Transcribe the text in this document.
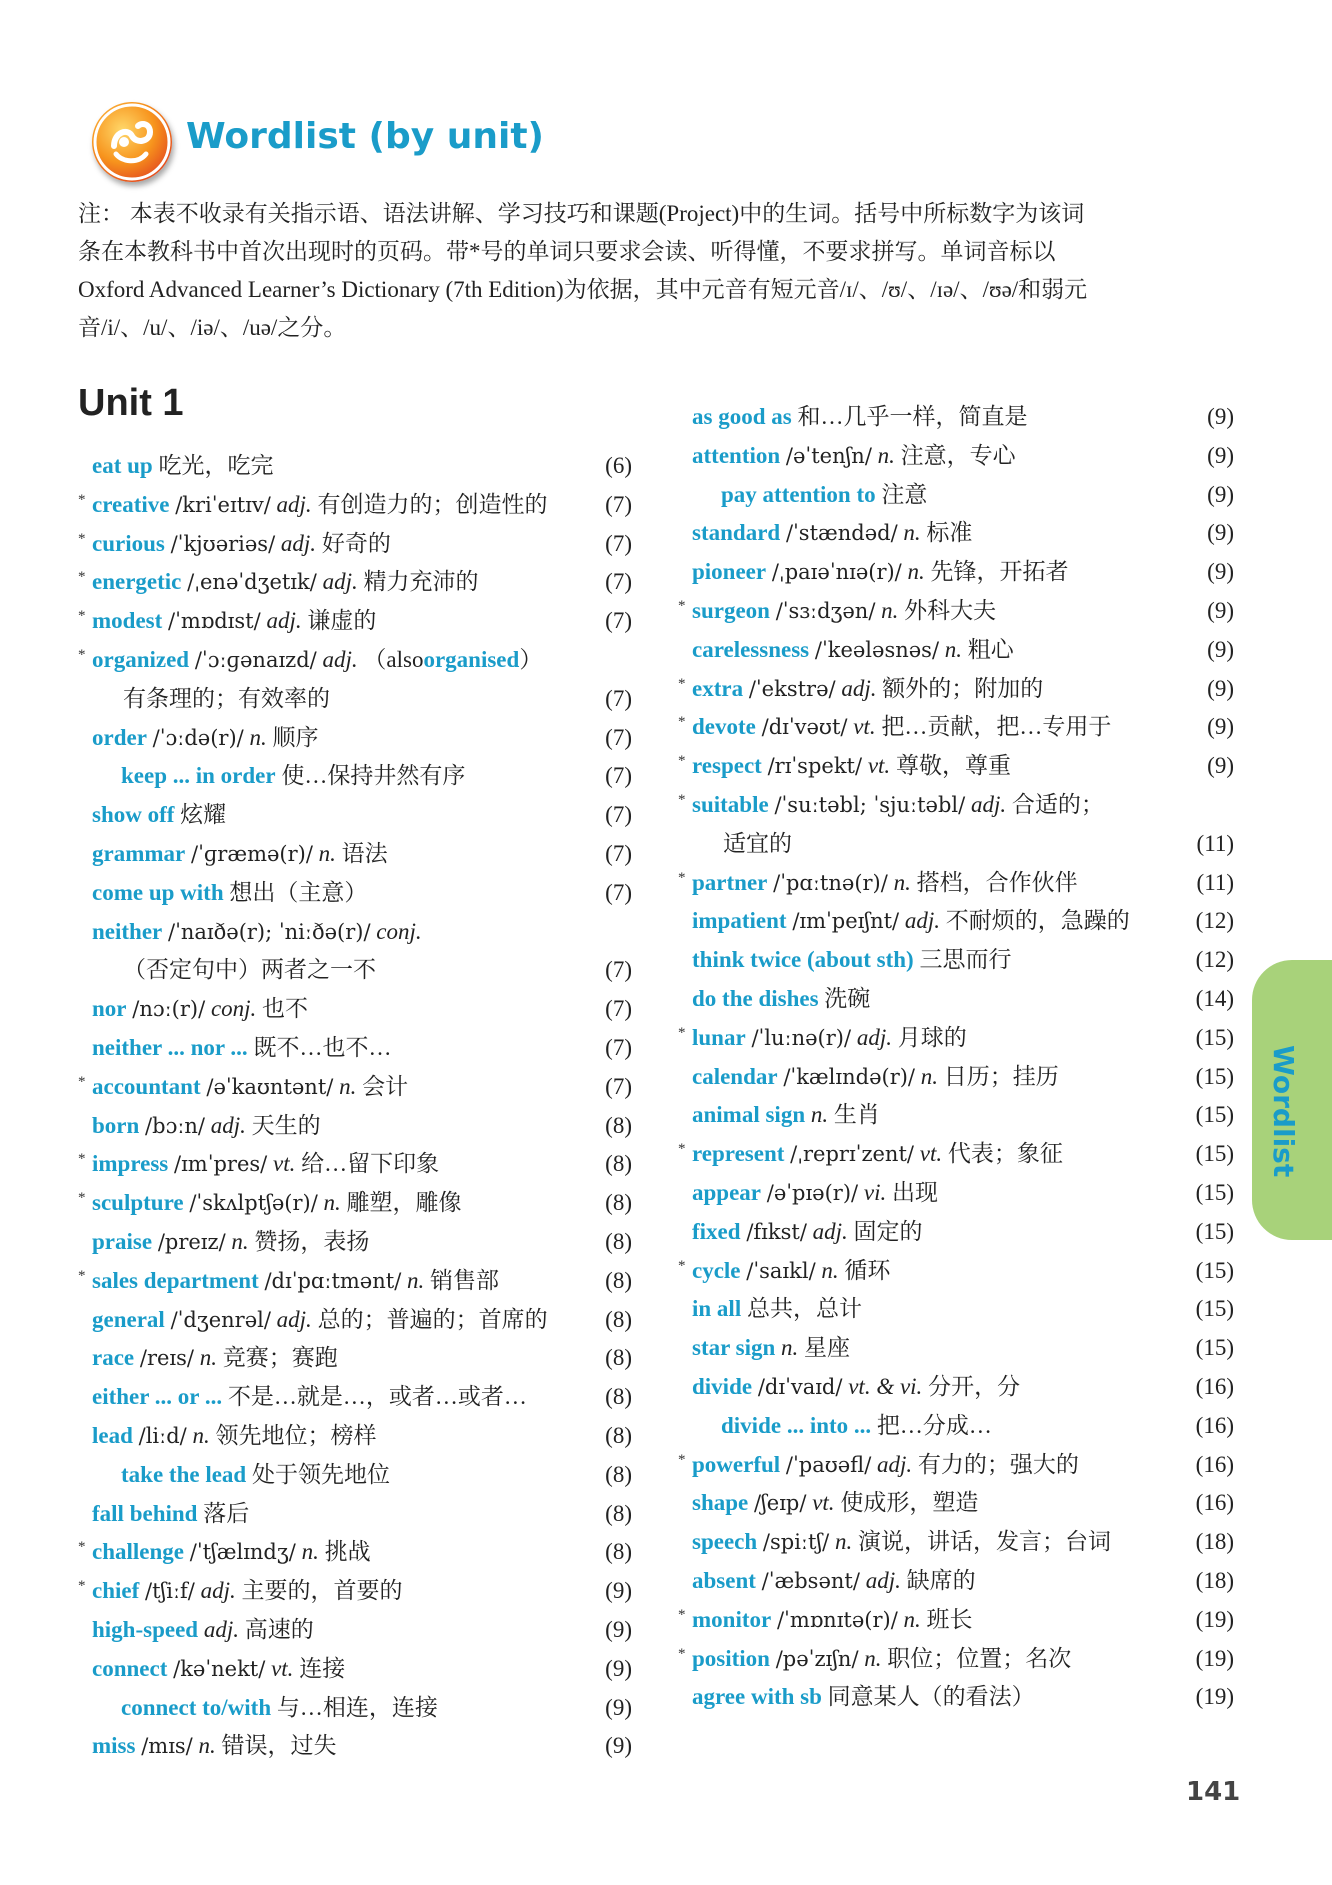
Wordlist (by unit)

注： 本表不收录有关指示语、语法讲解、学习技巧和课题(Project)中的生词。括号中所标数字为该词

条在本教科书中首次出现时的页码。带*号的单词只要求会读、听得懂，不要求拼写。单词音标以

Oxford Advanced Learner’s Dictionary (7th Edition)为依据，其中元音有短元音/ɪ/、/ʊ/、/ɪə/、/ʊə/和弱元

音/i/、/u/、/iə/、/uə/之分。

Unit 1
eat up 吃光，吃完	(6)
* creative /kriˈeɪtɪv/ adj. 有创造力的；创造性的	(7)
* curious /ˈkjʊəriəs/ adj. 好奇的	(7)
* energetic /ˌenəˈdʒetɪk/ adj. 精力充沛的	(7)
* modest /ˈmɒdɪst/ adj. 谦虚的	(7)
* organized /ˈɔːɡənaɪzd/ adj. （alsoorganised）
有条理的；有效率的	(7)
order /ˈɔːdə(r)/ n. 顺序	(7)
keep ... in order 使…保持井然有序	(7)
show off 炫耀	(7)
grammar /ˈɡræmə(r)/ n. 语法	(7)
come up with 想出（主意）	(7)
neither /ˈnaɪðə(r); ˈniːðə(r)/ conj.
（否定句中）两者之一不	(7)
nor /nɔː(r)/ conj. 也不	(7)
neither ... nor ... 既不…也不…	(7)
* accountant /əˈkaʊntənt/ n. 会计	(7)
born /bɔːn/ adj. 天生的	(8)
* impress /ɪmˈpres/ vt. 给…留下印象	(8)
* sculpture /ˈskʌlptʃə(r)/ n. 雕塑，雕像	(8)
praise /preɪz/ n. 赞扬，表扬	(8)
* sales department /dɪˈpɑːtmənt/ n. 销售部	(8)
general /ˈdʒenrəl/ adj. 总的；普遍的；首席的	(8)
race /reɪs/ n. 竞赛；赛跑	(8)
either ... or ... 不是…就是…，或者…或者…	(8)
lead /liːd/ n. 领先地位；榜样	(8)
take the lead 处于领先地位	(8)
fall behind 落后	(8)
* challenge /ˈtʃælɪndʒ/ n. 挑战	(8)
* chief /tʃiːf/ adj. 主要的，首要的	(9)
high-speed adj. 高速的	(9)
connect /kəˈnekt/ vt. 连接	(9)
connect to/with 与…相连，连接	(9)
miss /mɪs/ n. 错误，过失	(9)
as good as 和…几乎一样，简直是	(9)
attention /əˈtenʃn/ n. 注意，专心	(9)
pay attention to 注意	(9)
standard /ˈstændəd/ n. 标准	(9)
pioneer /ˌpaɪəˈnɪə(r)/ n. 先锋，开拓者	(9)
* surgeon /ˈsɜːdʒən/ n. 外科大夫	(9)
carelessness /ˈkeələsnəs/ n. 粗心	(9)
* extra /ˈekstrə/ adj. 额外的；附加的	(9)
* devote /dɪˈvəʊt/ vt. 把…贡献，把…专用于	(9)
* respect /rɪˈspekt/ vt. 尊敬，尊重	(9)
* suitable /ˈsuːtəbl; ˈsjuːtəbl/ adj. 合适的；
适宜的	(11)
* partner /ˈpɑːtnə(r)/ n. 搭档，合作伙伴	(11)
impatient /ɪmˈpeɪʃnt/ adj. 不耐烦的，急躁的	(12)
think twice (about sth) 三思而行	(12)
do the dishes 洗碗	(14)
* lunar /ˈluːnə(r)/ adj. 月球的	(15)
calendar /ˈkælɪndə(r)/ n. 日历；挂历	(15)
animal sign n. 生肖	(15)
* represent /ˌreprɪˈzent/ vt. 代表；象征	(15)
appear /əˈpɪə(r)/ vi. 出现	(15)
fixed /fɪkst/ adj. 固定的	(15)
* cycle /ˈsaɪkl/ n. 循环	(15)
in all 总共，总计	(15)
star sign n. 星座	(15)
divide /dɪˈvaɪd/ vt. & vi. 分开，分	(16)
divide ... into ... 把…分成…	(16)
* powerful /ˈpaʊəfl/ adj. 有力的；强大的	(16)
shape /ʃeɪp/ vt. 使成形，塑造	(16)
speech /spiːtʃ/ n. 演说，讲话，发言；台词	(18)
absent /ˈæbsənt/ adj. 缺席的	(18)
* monitor /ˈmɒnɪtə(r)/ n. 班长	(19)
* position /pəˈzɪʃn/ n. 职位；位置；名次	(19)
agree with sb 同意某人（的看法）	(19)
Wordlist
141
